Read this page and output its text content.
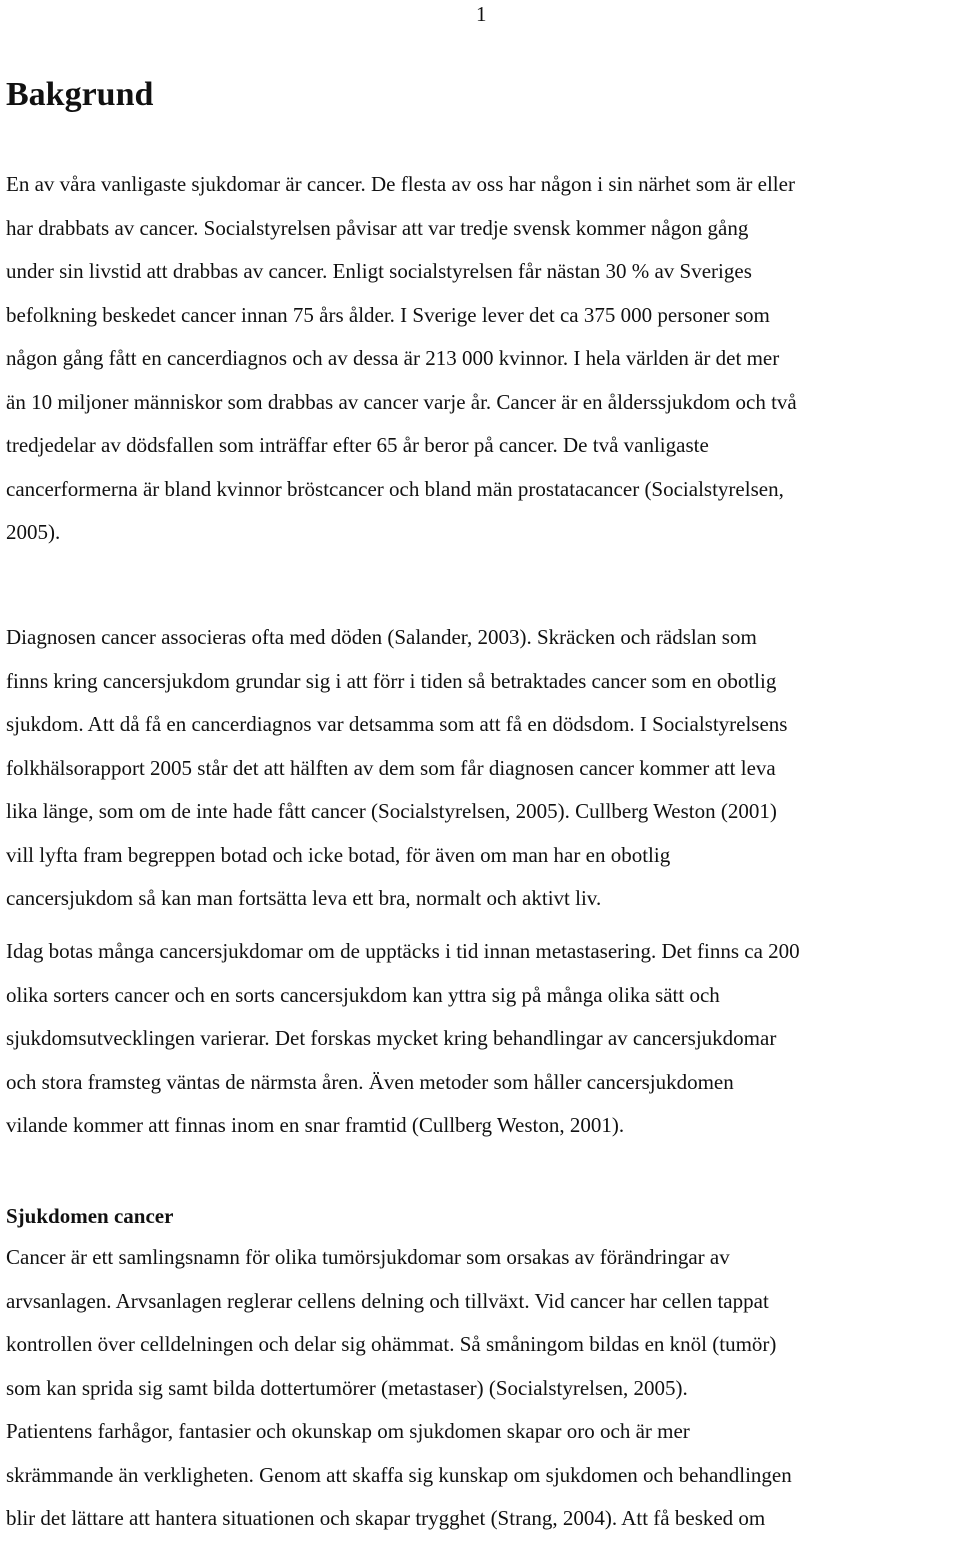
1
Bakgrund
En av våra vanligaste sjukdomar är cancer. De flesta av oss har någon i sin närhet som är eller
har drabbats av cancer. Socialstyrelsen påvisar att var tredje svensk kommer någon gång
under sin livstid att drabbas av cancer. Enligt socialstyrelsen får nästan 30 % av Sveriges
befolkning beskedet cancer innan 75 års ålder. I Sverige lever det ca 375 000 personer som
någon gång fått en cancerdiagnos och av dessa är 213 000 kvinnor. I hela världen är det mer
än 10 miljoner människor som drabbas av cancer varje år. Cancer är en ålderssjukdom och två
tredjedelar av dödsfallen som inträffar efter 65 år beror på cancer. De två vanligaste
cancerformerna är bland kvinnor bröstcancer och bland män prostatacancer (Socialstyrelsen,
2005).
Diagnosen cancer associeras ofta med döden (Salander, 2003). Skräcken och rädslan som
finns kring cancersjukdom grundar sig i att förr i tiden så betraktades cancer som en obotlig
sjukdom. Att då få en cancerdiagnos var detsamma som att få en dödsdom. I Socialstyrelsens
folkhälsorapport 2005 står det att hälften av dem som får diagnosen cancer kommer att leva
lika länge, som om de inte hade fått cancer (Socialstyrelsen, 2005). Cullberg Weston (2001)
vill lyfta fram begreppen botad och icke botad, för även om man har en obotlig
cancersjukdom så kan man fortsätta leva ett bra, normalt och aktivt liv.
Idag botas många cancersjukdomar om de upptäcks i tid innan metastasering. Det finns ca 200
olika sorters cancer och en sorts cancersjukdom kan yttra sig på många olika sätt och
sjukdomsutvecklingen varierar. Det forskas mycket kring behandlingar av cancersjukdomar
och stora framsteg väntas de närmsta åren. Även metoder som håller cancersjukdomen
vilande kommer att finnas inom en snar framtid (Cullberg Weston, 2001).
Sjukdomen cancer
Cancer är ett samlingsnamn för olika tumörsjukdomar som orsakas av förändringar av
arvsanlagen. Arvsanlagen reglerar cellens delning och tillväxt. Vid cancer har cellen tappat
kontrollen över celldelningen och delar sig ohämmat. Så småningom bildas en knöl (tumör)
som kan sprida sig samt bilda dottertumörer (metastaser) (Socialstyrelsen, 2005).
Patientens farhågor, fantasier och okunskap om sjukdomen skapar oro och är mer
skrämmande än verkligheten. Genom att skaffa sig kunskap om sjukdomen och behandlingen
blir det lättare att hantera situationen och skapar trygghet (Strang, 2004). Att få besked om
